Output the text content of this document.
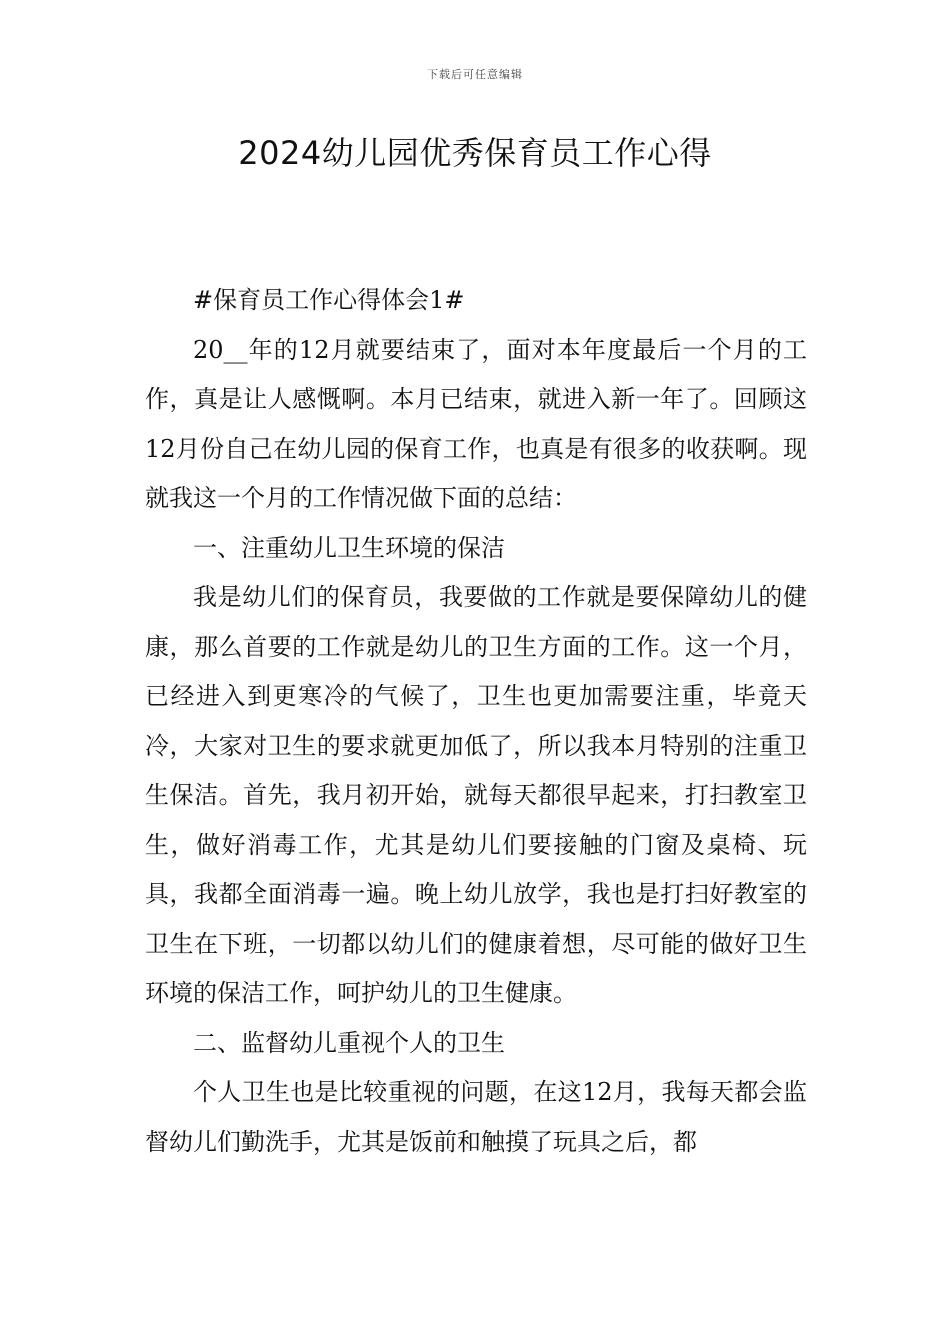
下载后可任意编辑
2024幼儿园优秀保育员工作心得

#保育员工作心得体会1#

20__年的12月就要结束了，面对本年度最后一个月的工作，真是让人感慨啊。本月已结束，就进入新一年了。回顾这12月份自己在幼儿园的保育工作，也真是有很多的收获啊。现就我这一个月的工作情况做下面的总结：

一、注重幼儿卫生环境的保洁

我是幼儿们的保育员，我要做的工作就是要保障幼儿的健康，那么首要的工作就是幼儿的卫生方面的工作。这一个月，已经进入到更寒冷的气候了，卫生也更加需要注重，毕竟天冷，大家对卫生的要求就更加低了，所以我本月特别的注重卫生保洁。首先，我月初开始，就每天都很早起来，打扫教室卫生，做好消毒工作，尤其是幼儿们要接触的门窗及桌椅、玩具，我都全面消毒一遍。晚上幼儿放学，我也是打扫好教室的卫生在下班，一切都以幼儿们的健康着想，尽可能的做好卫生环境的保洁工作，呵护幼儿的卫生健康。

二、监督幼儿重视个人的卫生

个人卫生也是比较重视的问题，在这12月，我每天都会监督幼儿们勤洗手，尤其是饭前和触摸了玩具之后，都
